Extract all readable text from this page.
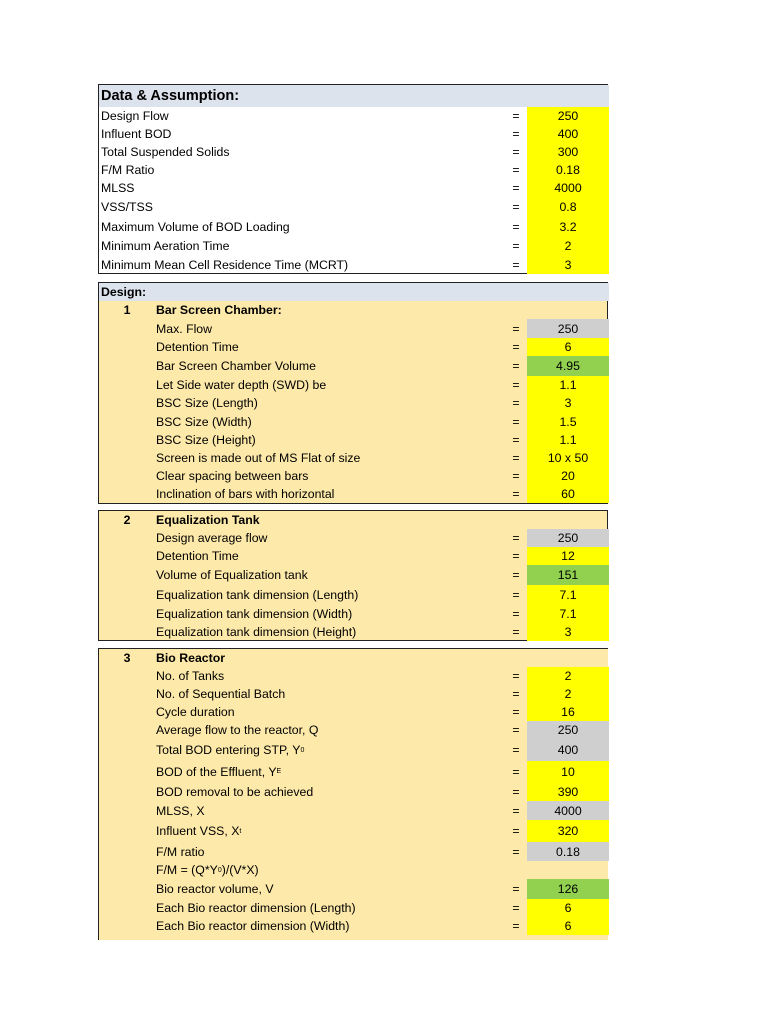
Data & Assumption:
Design Flow	=	250
Influent BOD	=	400
Total Suspended Solids	=	300
F/M Ratio	=	0.18
MLSS	=	4000
VSS/TSS	=	0.8
Maximum Volume of BOD Loading	=	3.2
Minimum Aeration Time	=	2
Minimum Mean Cell Residence Time (MCRT)	=	3
Design:
1	Bar Screen Chamber:
Max. Flow	=	250
Detention Time	=	6
Bar Screen Chamber Volume	=	4.95
Let Side water depth (SWD) be	=	1.1
BSC Size (Length)	=	3
BSC Size (Width)	=	1.5
BSC Size (Height)	=	1.1
Screen is made out of MS Flat of size	=	10 x 50
Clear spacing between bars	=	20
Inclination of bars with horizontal	=	60
2	Equalization Tank
Design average flow	=	250
Detention Time	=	12
Volume of Equalization tank	=	151
Equalization tank dimension (Length)	=	7.1
Equalization tank dimension (Width)	=	7.1
Equalization tank dimension (Height)	=	3
3	Bio Reactor
No. of Tanks	=	2
No. of Sequential Batch	=	2
Cycle duration	=	16
Average flow to the reactor, Q	=	250
Total BOD entering STP, Y 0	=	400
BOD of the Effluent, Y E	=	10
BOD removal to be achieved	=	390
MLSS, X	=	4000
Influent VSS, X t	=	320
F/M ratio	=	0.18
F/M = (Q*Y 0 )/(V*X)
Bio reactor volume, V	=	126
Each Bio reactor dimension (Length)	=	6
Each Bio reactor dimension (Width)	=	6
